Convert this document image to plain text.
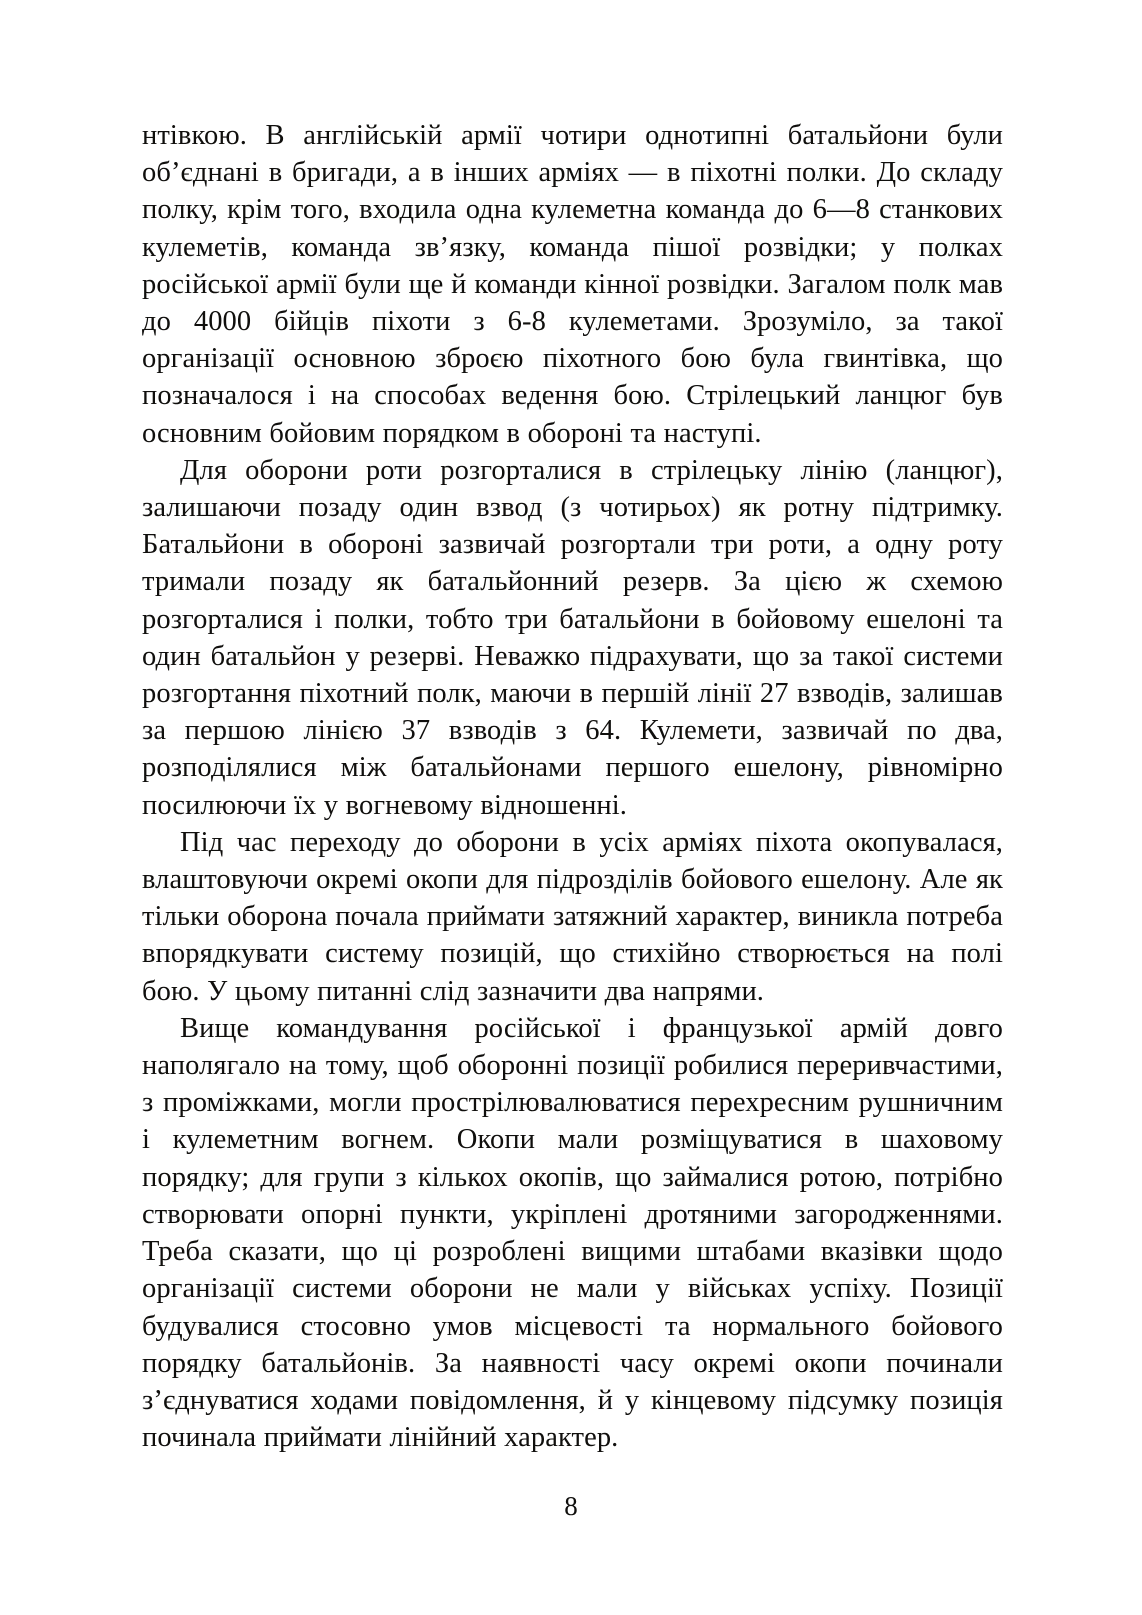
нтівкою. В англійській армії чотири однотипні батальйони були об’єднані в бригади, а в інших арміях — в піхотні полки. До складу полку, крім того, входила одна кулеметна команда до 6—8 станкових кулеметів, команда зв’язку, команда пішої розвідки; у полках російської армії були ще й команди кінної розвідки. Загалом полк мав до 4000 бійців піхоти з 6-8 кулеметами. Зрозуміло, за такої організації основною зброєю піхотного бою була гвинтівка, що позначалося і на способах ведення бою. Стрілецький ланцюг був основним бойовим порядком в обороні та наступі.

Для оборони роти розгорталися в стрілецьку лінію (ланцюг), залишаючи позаду один взвод (з чотирьох) як ротну підтримку. Батальйони в обороні зазвичай розгортали три роти, а одну роту тримали позаду як батальйонний резерв. За цією ж схемою розгорталися і полки, тобто три батальйони в бойовому ешелоні та один батальйон у резерві. Неважко підрахувати, що за такої системи розгортання піхотний полк, маючи в першій лінії 27 взводів, залишав за першою лінією 37 взводів з 64. Кулемети, зазвичай по два, розподілялися між батальйонами першого ешелону, рівномірно посилюючи їх у вогневому відношенні.

Під час переходу до оборони в усіх арміях піхота окопувалася, влаштовуючи окремі окопи для підрозділів бойового ешелону. Але як тільки оборона почала приймати затяжний характер, виникла потреба впорядкувати систему позицій, що стихійно створюється на полі бою. У цьому питанні слід зазначити два напрями.

Вище командування російської і французької армій довго наполягало на тому, щоб оборонні позиції робилися переривчастими, з проміжками, могли прострілювалюватися перехресним рушничним і кулеметним вогнем. Окопи мали розміщуватися в шаховому порядку; для групи з кількох окопів, що займалися ротою, потрібно створювати опорні пункти, укріплені дротяними загородженнями. Треба сказати, що ці розроблені вищими штабами вказівки щодо організації системи оборони не мали у військах успіху. Позиції будувалися стосовно умов місцевості та нормального бойового порядку батальйонів. За наявності часу окремі окопи починали з’єднуватися ходами повідомлення, й у кінцевому підсумку позиція починала приймати лінійний характер.

8
